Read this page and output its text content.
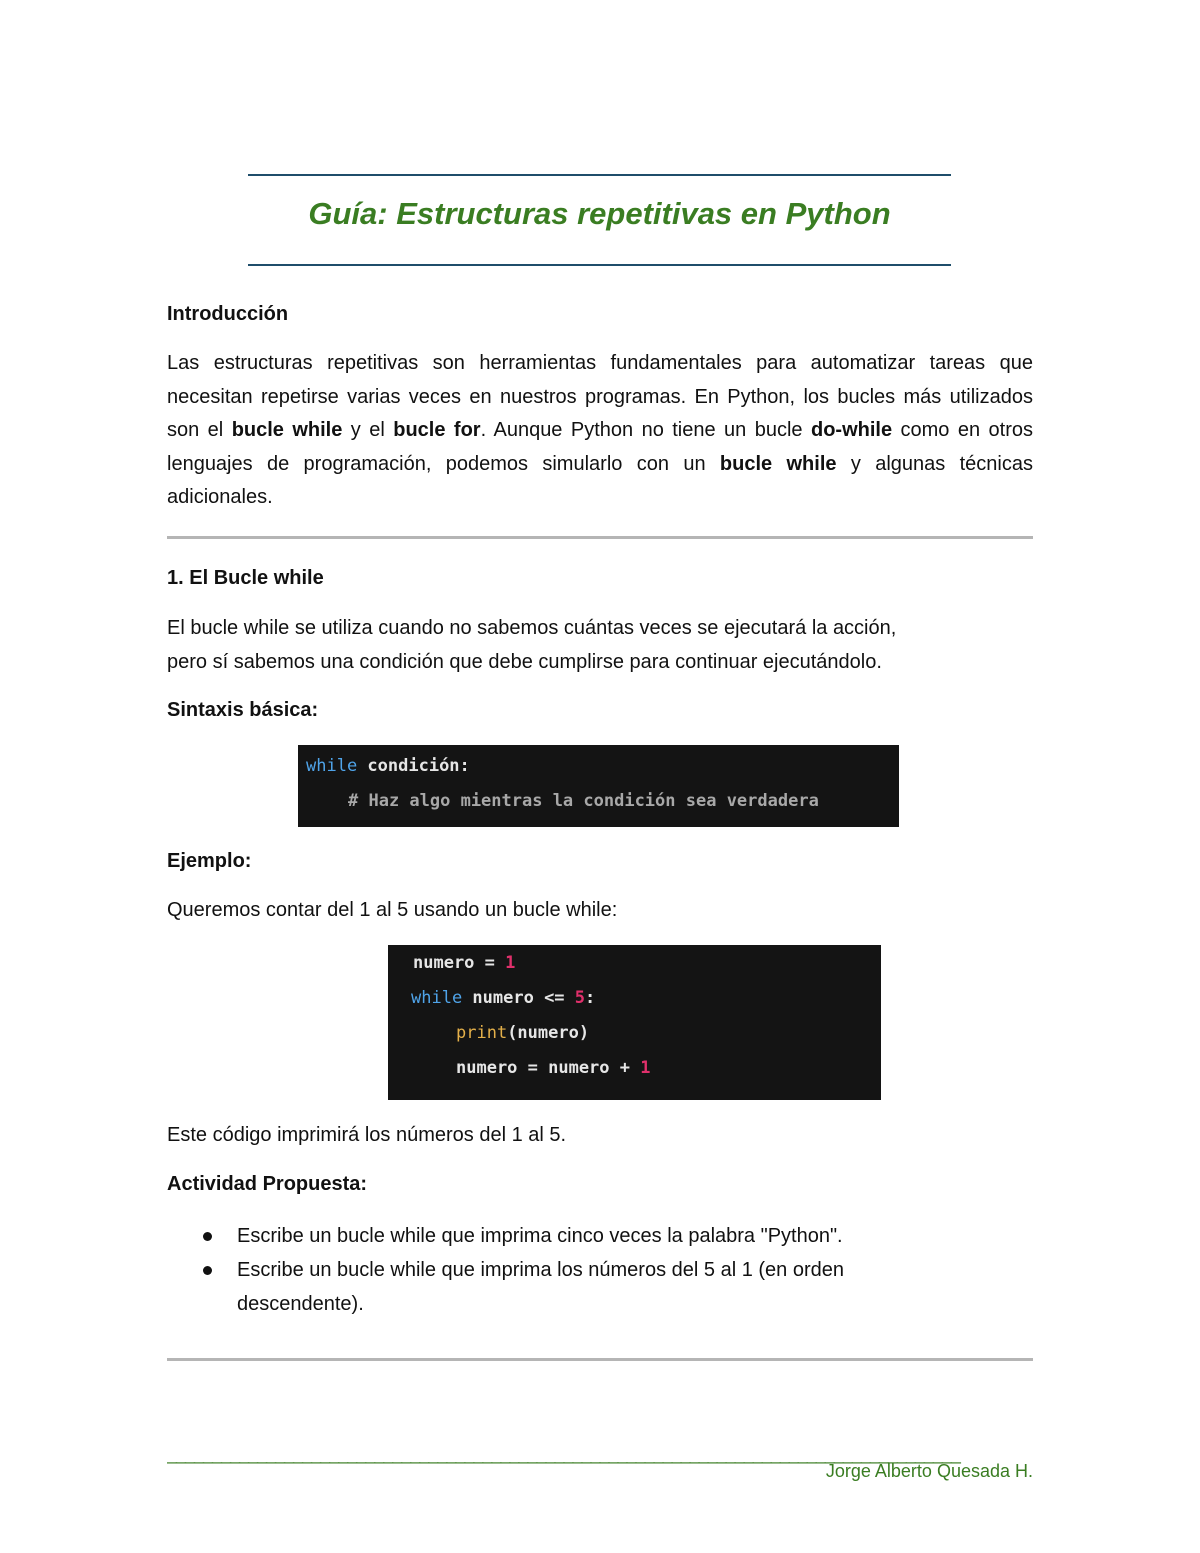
Guía: Estructuras repetitivas en Python

Introducción

Las estructuras repetitivas son herramientas fundamentales para automatizar tareas que necesitan repetirse varias veces en nuestros programas. En Python, los bucles más utilizados son el bucle while y el bucle for. Aunque Python no tiene un bucle do-while como en otros lenguajes de programación, podemos simularlo con un bucle while y algunas técnicas adicionales.

1. El Bucle while

El bucle while se utiliza cuando no sabemos cuántas veces se ejecutará la acción,

pero sí sabemos una condición que debe cumplirse para continuar ejecutándolo.

Sintaxis básica:

while condición:
# Haz algo mientras la condición sea verdadera

Ejemplo:

Queremos contar del 1 al 5 usando un bucle while:

numero = 1
while numero <= 5:
print(numero)
numero = numero + 1

Este código imprimirá los números del 1 al 5.

Actividad Propuesta:

Escribe un bucle while que imprima cinco veces la palabra "Python".
Escribe un bucle while que imprima los números del 5 al 1 (en orden descendente).
________________________________________________________________________________________
Jorge Alberto Quesada H.
